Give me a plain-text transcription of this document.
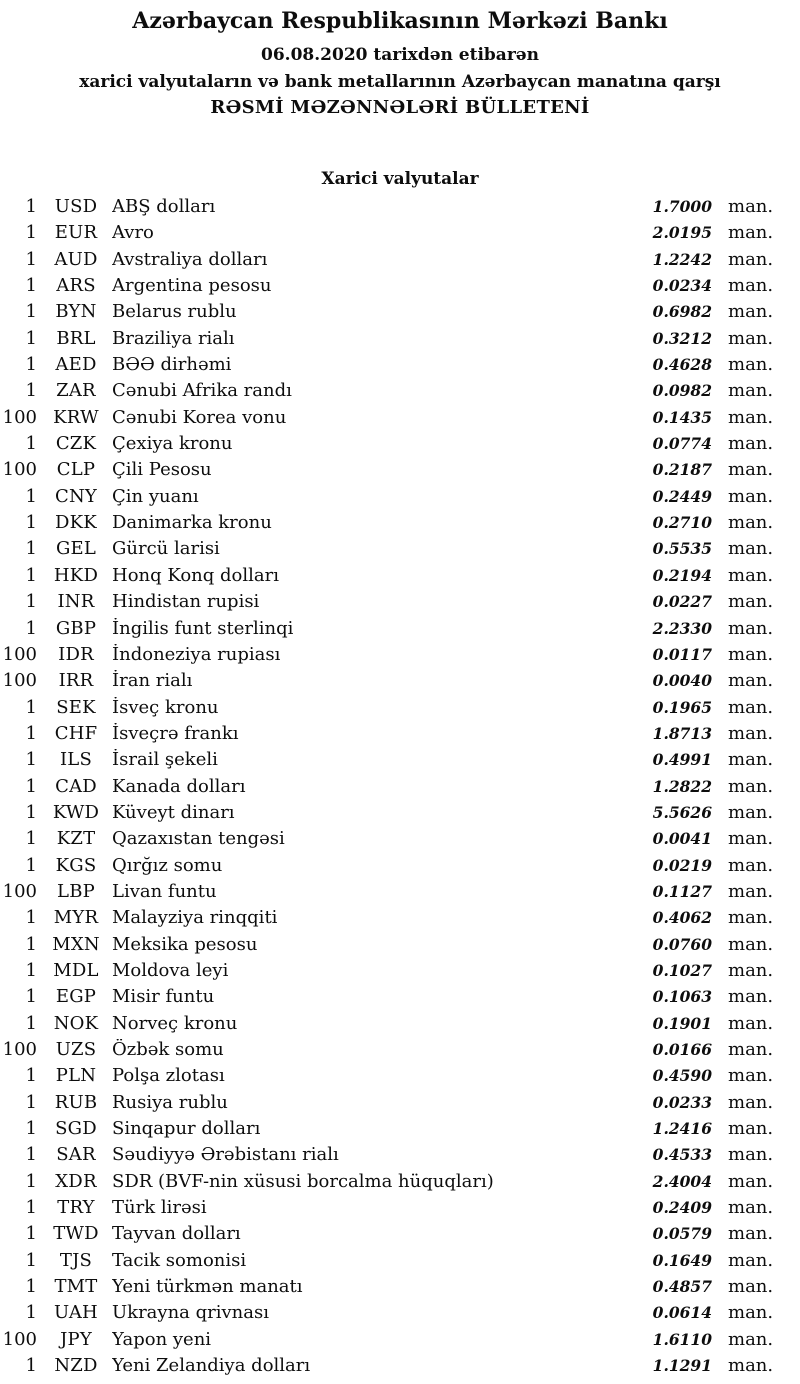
Azərbaycan Respublikasının Mərkəzi Bankı
06.08.2020 tarixdən etibarən
xarici valyutaların və bank metallarının Azərbaycan manatına qarşı
RƏSMİ MƏZƏNNƏLƏRİ BÜLLETENİ
Xarici valyutalar
1 USD ABŞ dolları	1.7000 man.
1 EUR Avro	2.0195 man.
1 AUD Avstraliya dolları	1.2242 man.
1	ARS Argentina pesosu	0.0234 man.
1	BYN Belarus rublu	0.6982 man.
1	BRL Braziliya rialı	0.3212 man.
1	AED BƏƏ dirhəmi	0.4628 man.
1	ZAR Cənubi Afrika randı	0.0982 man.
100 KRW Cənubi Korea vonu	0.1435 man.
1	CZK Çexiya kronu	0.0774 man.
100	CLP Çili Pesosu	0.2187 man.
1 CNY Çin yuanı	0.2449 man.
1	DKK Danimarka kronu	0.2710 man.
1	GEL Gürcü larisi	0.5535 man.
1 HKD Honq Konq dolları	0.2194 man.
1	INR Hindistan rupisi	0.0227 man.
1	GBP İngilis funt sterlinqi	2.2330 man.
100	IDR	İndoneziya rupiası	0.0117 man.
100	IRR	İran rialı	0.0040 man.
1	SEK İsveç kronu	0.1965 man.
1 CHF İsveçrə frankı	1.8713 man.
1	ILS	İsrail şekeli	0.4991 man.
1	CAD Kanada dolları	1.2822 man.
1 KWD Küveyt dinarı	5.5626 man.
1	KZT Qazaxıstan tengəsi	0.0041 man.
1	KGS Qırğız somu	0.0219 man.
100	LBP Livan funtu	0.1127 man.
1 MYR Malayziya rinqqiti	0.4062 man.
1 MXN Meksika pesosu	0.0760 man.
1 MDL Moldova leyi	0.1027 man.
1	EGP Misir funtu	0.1063 man.
1 NOK Norveç kronu	0.1901 man.
100	UZS Özbək somu	0.0166 man.
1	PLN Polşa zlotası	0.4590 man.
1 RUB Rusiya rublu	0.0233 man.
1	SGD Sinqapur dolları	1.2416 man.
1	SAR Səudiyyə Ərəbistanı rialı	0.4533 man.
1	XDR SDR (BVF-nin xüsusi borcalma hüquqları)	2.4004 man.
1	TRY Türk lirəsi	0.2409 man.
1 TWD Tayvan dolları	0.0579 man.
1	TJS	Tacik somonisi	0.1649 man.
1 TMT Yeni türkmən manatı	0.4857 man.
1 UAH Ukrayna qrivnası	0.0614 man.
100	JPY	Yapon yeni	1.6110 man.
1 NZD Yeni Zelandiya dolları	1.1291 man.
